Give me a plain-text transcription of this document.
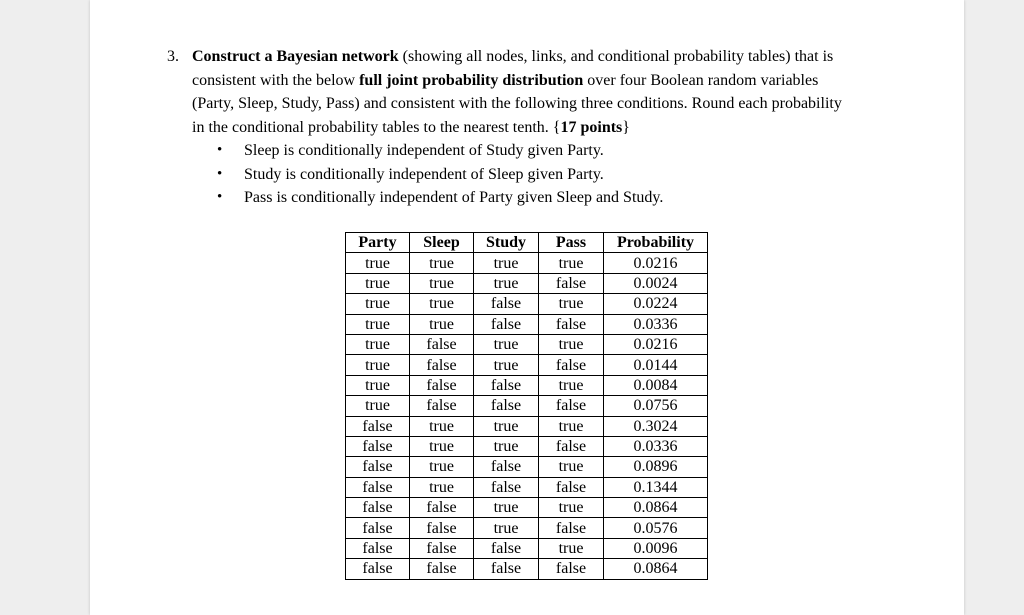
3. Construct a Bayesian network (showing all nodes, links, and conditional probability tables) that is consistent with the below full joint probability distribution over four Boolean random variables (Party, Sleep, Study, Pass) and consistent with the following three conditions. Round each probability in the conditional probability tables to the nearest tenth. {17 points}

• Sleep is conditionally independent of Study given Party.
• Study is conditionally independent of Sleep given Party.
• Pass is conditionally independent of Party given Sleep and Study.
Party	Sleep	Study	Pass	Probability
true	true	true	true	0.0216
true	true	true	false	0.0024
true	true	false	true	0.0224
true	true	false	false	0.0336
true	false	true	true	0.0216
true	false	true	false	0.0144
true	false	false	true	0.0084
true	false	false	false	0.0756
false	true	true	true	0.3024
false	true	true	false	0.0336
false	true	false	true	0.0896
false	true	false	false	0.1344
false	false	true	true	0.0864
false	false	true	false	0.0576
false	false	false	true	0.0096
false	false	false	false	0.0864
